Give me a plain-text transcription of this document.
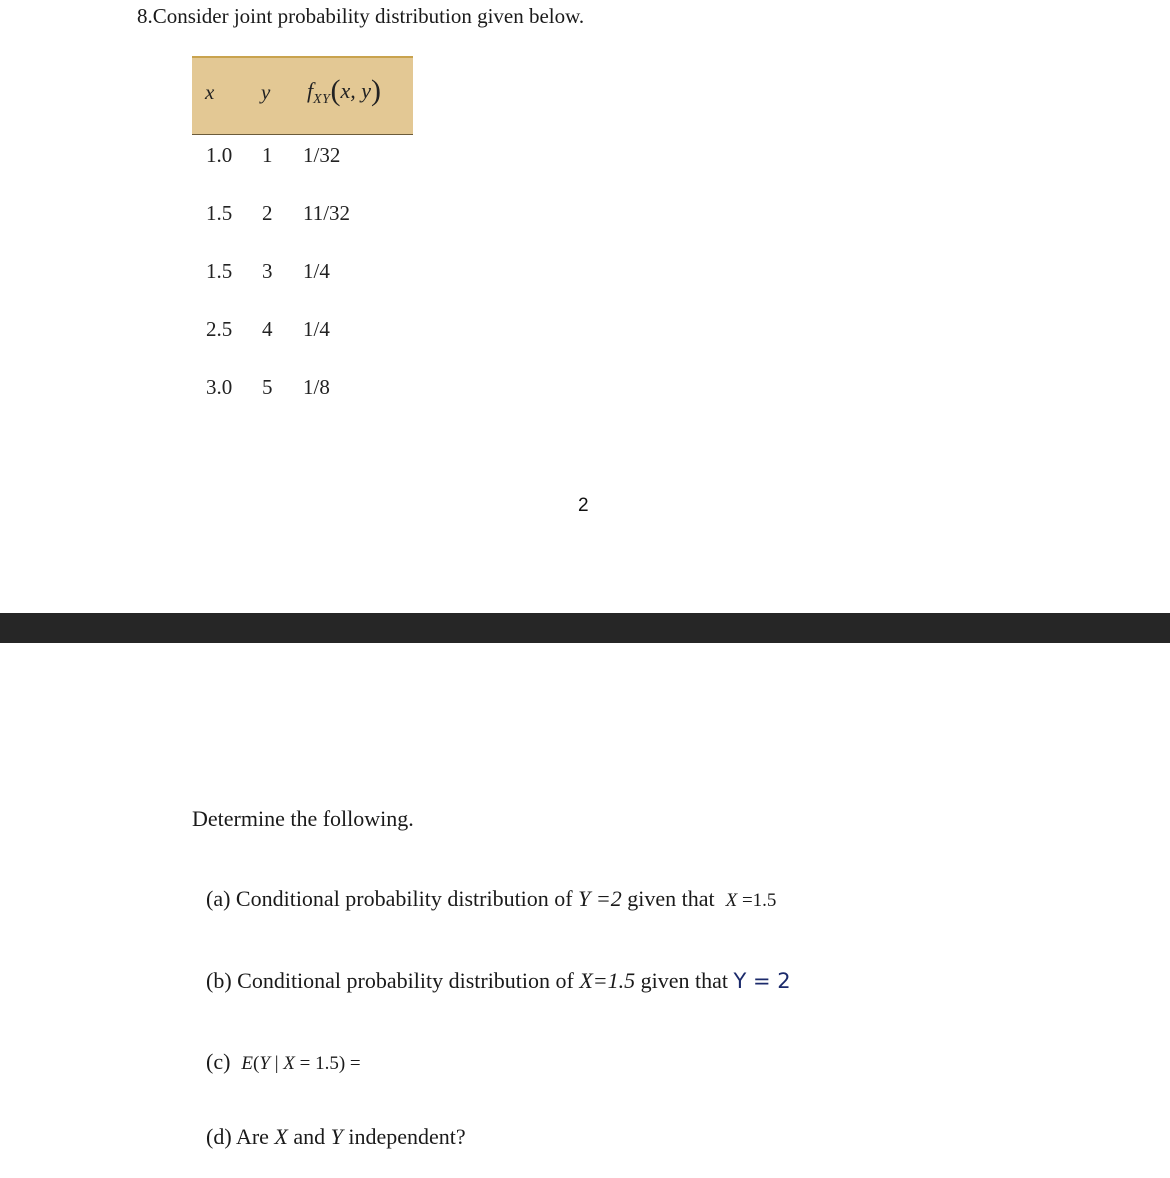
8.Consider joint probability distribution given below.
x y $f_{XY}(x$, y)
1.0 1 1/32
1.5 2 11/32
1.5 3 1/4
2.5 4 1/4
3.0 5 1/8
2
Determine the following.
(a) Conditional probability distribution of Y =2 given that  X =1.5
(b) Conditional probability distribution of X=1.5 given that Y = 2
(c)  E(Y | X = 1.5) =
(d) Are X and Y independent?
